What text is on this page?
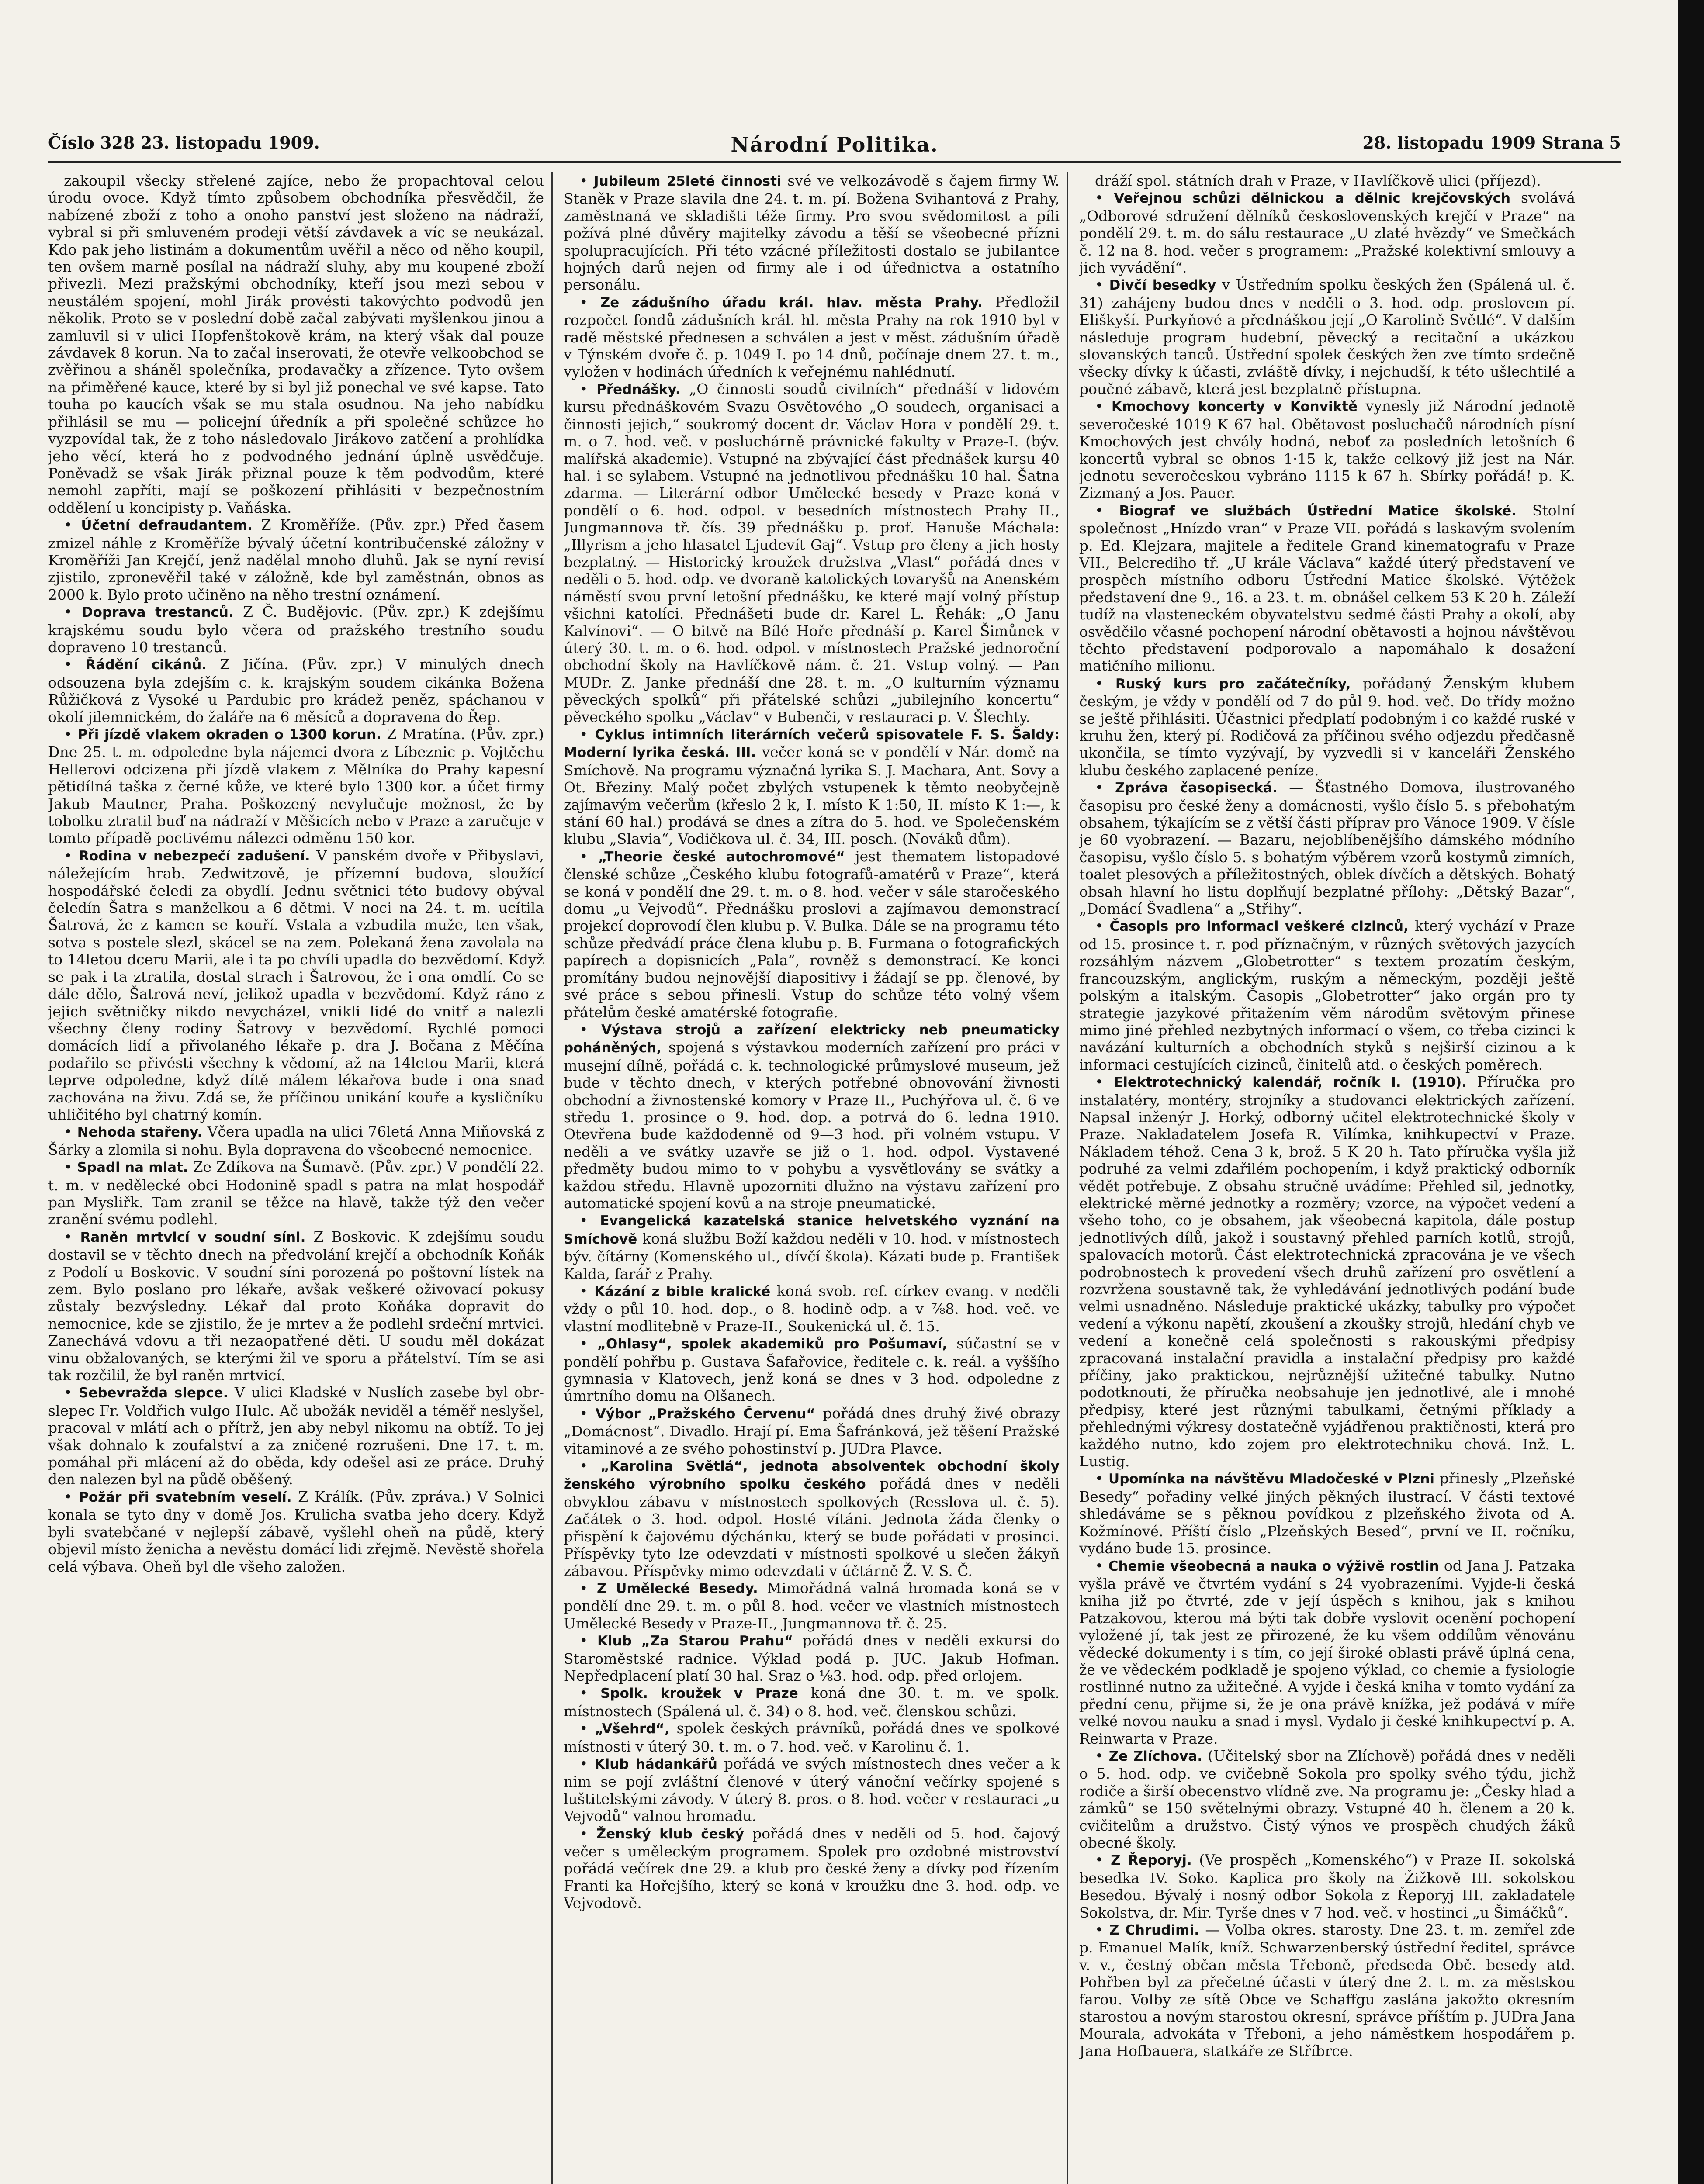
Číslo 328 23. listopadu 1909.	Národní Politika.	28. listopadu 1909 Strana 5

zakoupil všecky střelené zajíce, nebo že propachtoval celou úrodu ovoce. Když tímto způsobem obchodníka přesvědčil, že nabízené zboží z toho a onoho panství jest složeno na nádraží, vybral si při smluveném prodeji větší závdavek a víc se neukázal. Kdo pak jeho listinám a dokumentům uvěřil a něco od něho koupil, ten ovšem marně posílal na nádraží sluhy, aby mu koupené zboží přivezli. Mezi pražskými obchodníky, kteří jsou mezi sebou v neustálém spojení, mohl Jirák provésti takovýchto podvodů jen několik. Proto se v poslední době začal zabývati myšlenkou jinou a zamluvil si v ulici Hopfenštokově krám, na který však dal pouze závdavek 8 korun. Na to začal inserovati, že otevře velkoobchod se zvěřinou a sháněl společníka, prodavačky a zřízence. Tyto ovšem na přiměřené kauce, které by si byl již ponechal ve své kapse. Tato touha po kaucích však se mu stala osudnou. Na jeho nabídku přihlásil se mu — policejní úředník a při společné schůzce ho vyzpovídal tak, že z toho následovalo Jirákovo zatčení a prohlídka jeho věcí, která ho z podvodného jednání úplně usvědčuje. Poněvadž se však Jirák přiznal pouze k těm podvodům, které nemohl zapříti, mají se poškození přihlásiti v bezpečnostním oddělení u koncipisty p. Vaňáska.

• Účetní defraudantem. Z Kroměříže. (Pův. zpr.) Před časem zmizel náhle z Kroměříže bývalý účetní kontribučenské záložny v Kroměříži Jan Krejčí, jenž nadělal mnoho dluhů. Jak se nyní revisí zjistilo, zpronevěřil také v záložně, kde byl zaměstnán, obnos as 2000 k. Bylo proto učiněno na něho trestní oznámení.

• Doprava trestanců. Z Č. Budějovic. (Pův. zpr.) K zdejšímu krajskému soudu bylo včera od pražského trestního soudu dopraveno 10 trestanců.

• Řádění cikánů. Z Jičína. (Pův. zpr.) V minulých dnech odsouzena byla zdejším c. k. krajským soudem cikánka Božena Růžičková z Vysoké u Pardubic pro krádež peněz, spáchanou v okolí jilemnickém, do žaláře na 6 měsíců a dopravena do Řep.

• Při jízdě vlakem okraden o 1300 korun. Z Mratína. (Pův. zpr.) Dne 25. t. m. odpoledne byla nájemci dvora z Líbeznic p. Vojtěchu Hellerovi odcizena při jízdě vlakem z Mělníka do Prahy kapesní pětidílná taška z černé kůže, ve které bylo 1300 kor. a účet firmy Jakub Mautner, Praha. Poškozený nevylučuje možnost, že by tobolku ztratil buď na nádraží v Měšicích nebo v Praze a zaručuje v tomto případě poctivému nálezci odměnu 150 kor.

• Rodina v nebezpečí zadušení. V panském dvoře v Přibyslavi, náležejícím hrab. Zedwitzově, je přízemní budova, sloužící hospodářské čeledi za obydlí. Jednu světnici této budovy obýval čeledín Šatra s manželkou a 6 dětmi. V noci na 24. t. m. ucítila Šatrová, že z kamen se kouří. Vstala a vzbudila muže, ten však, sotva s postele slezl, skácel se na zem. Polekaná žena zavolala na to 14letou dceru Marii, ale i ta po chvíli upadla do bezvědomí. Když se pak i ta ztratila, dostal strach i Šatrovou, že i ona omdlí. Co se dále dělo, Šatrová neví, jelikož upadla v bezvědomí. Když ráno z jejich světničky nikdo nevycházel, vnikli lidé do vnitř a nalezli všechny členy rodiny Šatrovy v bezvědomí. Rychlé pomoci domácích lidí a přivolaného lékaře p. dra J. Bočana z Měčína podařilo se přivésti všechny k vědomí, až na 14letou Marii, která teprve odpoledne, když dítě málem lékařova bude i ona snad zachována na živu. Zdá se, že příčinou unikání kouře a kysličníku uhličitého byl chatrný komín.

• Nehoda stařeny. Včera upadla na ulici 76letá Anna Miňovská z Šárky a zlomila si nohu. Byla dopravena do všeobecné nemocnice.

• Spadl na mlat. Ze Zdíkova na Šumavě. (Pův. zpr.) V pondělí 22. t. m. v nedělecké obci Hodonině spadl s patra na mlat hospodář pan Mysliřk. Tam zranil se těžce na hlavě, takže týž den večer zranění svému podlehl.

• Raněn mrtvicí v soudní síni. Z Boskovic. K zdejšímu soudu dostavil se v těchto dnech na předvolání krejčí a obchodník Koňák z Podolí u Boskovic. V soudní síni porozená po poštovní lístek na zem. Bylo poslano pro lékaře, avšak veškeré oživovací pokusy zůstaly bezvýsledny. Lékař dal proto Koňáka dopravit do nemocnice, kde se zjistilo, že je mrtev a že podlehl srdeční mrtvici. Zanechává vdovu a tři nezaopatřené děti. U soudu měl dokázat vinu obžalovaných, se kterými žil ve sporu a přátelství. Tím se asi tak rozčilil, že byl raněn mrtvicí.

• Sebevražda slepce. V ulici Kladské v Nuslích zasebe byl obr-slepec Fr. Voldřich vulgo Hulc. Ač ubožák neviděl a téměř neslyšel, pracoval v mlátí ach o přítrž, jen aby nebyl nikomu na obtíž. To jej však dohnalo k zoufalství a za zničené rozrušeni. Dne 17. t. m. pomáhal při mlácení až do oběda, kdy odešel asi ze práce. Druhý den nalezen byl na půdě oběšený.

• Požár při svatebním veselí. Z Králík. (Pův. zpráva.) V Solnici konala se tyto dny v domě Jos. Krulicha svatba jeho dcery. Když byli svatebčané v nejlepší zábavě, vyšlehl oheň na půdě, který objevil místo ženicha a nevěstu domácí lidi zřejmě. Nevěstě shořela celá výbava. Oheň byl dle všeho založen.

• Jubileum 25leté činnosti své ve velkozávodě s čajem firmy W. Staněk v Praze slavila dne 24. t. m. pí. Božena Svihantová z Prahy, zaměstnaná ve skladišti téže firmy. Pro svou svědomitost a píli požívá plné důvěry majitelky závodu a těší se všeobecné přízni spolupracujících. Při této vzácné příležitosti dostalo se jubilantce hojných darů nejen od firmy ale i od úřednictva a ostatního personálu.

• Ze zádušního úřadu král. hlav. města Prahy. Předložil rozpočet fondů zádušních král. hl. města Prahy na rok 1910 byl v radě městské přednesen a schválen a jest v měst. zádušním úřadě v Týnském dvoře č. p. 1049 I. po 14 dnů, počínaje dnem 27. t. m., vyložen v hodinách úředních k veřejnému nahlédnutí.

• Přednášky. „O činnosti soudů civilních“ přednáší v lidovém kursu přednáškovém Svazu Osvětového „O soudech, organisaci a činnosti jejich,“ soukromý docent dr. Václav Hora v pondělí 29. t. m. o 7. hod. več. v posluchárně právnické fakulty v Praze-I. (býv. malířská akademie). Vstupné na zbývající část přednášek kursu 40 hal. i se sylabem. Vstupné na jednotlivou přednášku 10 hal. Šatna zdarma. — Literární odbor Umělecké besedy v Praze koná v pondělí o 6. hod. odpol. v besedních místnostech Prahy II., Jungmannova tř. čís. 39 přednášku p. prof. Hanuše Máchala: „Illyrism a jeho hlasatel Ljudevít Gaj“. Vstup pro členy a jich hosty bezplatný. — Historický kroužek družstva „Vlast“ pořádá dnes v neděli o 5. hod. odp. ve dvoraně katolických tovaryšů na Anenském náměstí svou první letošní přednášku, ke které mají volný přístup všichni katolíci. Přednášeti bude dr. Karel L. Řehák: „O Janu Kalvínovi“. — O bitvě na Bílé Hoře přednáší p. Karel Šimůnek v úterý 30. t. m. o 6. hod. odpol. v místnostech Pražské jednoroční obchodní školy na Havlíčkově nám. č. 21. Vstup volný. — Pan MUDr. Z. Janke přednáší dne 28. t. m. „O kulturním významu pěveckých spolků“ při přátelské schůzi „jubilejního koncertu“ pěveckého spolku „Václav“ v Bubenči, v restauraci p. V. Šlechty.

• Cyklus intimních literárních večerů spisovatele F. S. Šaldy: Moderní lyrika česká. III. večer koná se v pondělí v Nár. domě na Smíchově. Na programu význačná lyrika S. J. Machara, Ant. Sovy a Ot. Březiny. Malý počet zbylých vstupenek k těmto neobyčejně zajímavým večerům (křeslo 2 k, I. místo K 1:50, II. místo K 1:—, k stání 60 hal.) prodává se dnes a zítra do 5. hod. ve Společenském klubu „Slavia“, Vodičkova ul. č. 34, III. posch. (Nováků dům).

• „Theorie české autochromové“ jest thematem listopadové členské schůze „Českého klubu fotografů-amatérů v Praze“, která se koná v pondělí dne 29. t. m. o 8. hod. večer v sále staročeského domu „u Vejvodů“. Přednášku proslovi a zajímavou demonstrací projekcí doprovodí člen klubu p. V. Bulka. Dále se na programu této schůze předvádí práce člena klubu p. B. Furmana o fotografických papírech a dopisnicích „Pala“, rovněž s demonstrací. Ke konci promítány budou nejnovější diapositivy i žádají se pp. členové, by své práce s sebou přinesli. Vstup do schůze této volný všem přátelům české amatérské fotografie.

• Výstava strojů a zařízení elektricky neb pneumaticky poháněných, spojená s výstavkou moderních zařízení pro práci v musejní dílně, pořádá c. k. technologické průmyslové museum, jež bude v těchto dnech, v kterých potřebné obnovování živnosti obchodní a živnostenské komory v Praze II., Puchýřova ul. č. 6 ve středu 1. prosince o 9. hod. dop. a potrvá do 6. ledna 1910. Otevřena bude každodenně od 9—3 hod. při volném vstupu. V neděli a ve svátky uzavře se již o 1. hod. odpol. Vystavené předměty budou mimo to v pohybu a vysvětlovány se svátky a každou středu. Hlavně upozorniti dlužno na výstavu zařízení pro automatické spojení kovů a na stroje pneumatické.

• Evangelická kazatelská stanice helvetského vyznání na Smíchově koná službu Boží každou neděli v 10. hod. v místnostech býv. čítárny (Komenského ul., dívčí škola). Kázati bude p. František Kalda, farář z Prahy.

• Kázání z bible kralické koná svob. ref. církev evang. v neděli vždy o půl 10. hod. dop., o 8. hodině odp. a v ⅞8. hod. več. ve vlastní modlitebně v Praze-II., Soukenická ul. č. 15.

• „Ohlasy“, spolek akademiků pro Pošumaví, súčastní se v pondělí pohřbu p. Gustava Šafařovice, ředitele c. k. reál. a vyššího gymnasia v Klatovech, jenž koná se dnes v 3 hod. odpoledne z úmrtního domu na Olšanech.

• Výbor „Pražského Červenu“ pořádá dnes druhý živé obrazy „Domácnost“. Divadlo. Hrají pí. Ema Šafránková, jež těšení Pražské vitaminové a ze svého pohostinství p. JUDra Plavce.

• „Karolina Světlá“, jednota absolventek obchodní školy ženského výrobního spolku českého pořádá dnes v neděli obvyklou zábavu v místnostech spolkových (Resslova ul. č. 5). Začátek o 3. hod. odpol. Hosté vítáni. Jednota žáda členky o přispění k čajovému dýchánku, který se bude pořádati v prosinci. Příspěvky tyto lze odevzdati v místnosti spolkové u slečen žákyň zábavou. Příspěvky mimo odevzdati v účtárně Ž. V. S. Č.

• Z Umělecké Besedy. Mimořádná valná hromada koná se v pondělí dne 29. t. m. o půl 8. hod. večer ve vlastních místnostech Umělecké Besedy v Praze-II., Jungmannova tř. č. 25.

• Klub „Za Starou Prahu“ pořádá dnes v neděli exkursi do Staroměstské radnice. Výklad podá p. JUC. Jakub Hofman. Nepředplacení platí 30 hal. Sraz o ⅛3. hod. odp. před orlojem.

• Spolk. kroužek v Praze koná dne 30. t. m. ve spolk. místnostech (Spálená ul. č. 34) o 8. hod. več. členskou schůzi.

• „Všehrd“, spolek českých právníků, pořádá dnes ve spolkové místnosti v úterý 30. t. m. o 7. hod. več. v Karolinu č. 1.

• Klub hádankářů pořádá ve svých místnostech dnes večer a k nim se pojí zvláštní členové v úterý vánoční večírky spojené s luštitelskými závody. V úterý 8. pros. o 8. hod. večer v restauraci „u Vejvodů“ valnou hromadu.

• Ženský klub český pořádá dnes v neděli od 5. hod. čajový večer s uměleckým programem. Spolek pro ozdobné mistrovství pořádá večírek dne 29. a klub pro české ženy a dívky pod řízením Franti ka Hořejšího, který se koná v kroužku dne 3. hod. odp. ve Vejvodově.

dráží spol. státních drah v Praze, v Havlíčkově ulici (příjezd).

• Veřejnou schůzi dělnickou a dělnic krejčovských svolává „Odborové sdružení dělníků československých krejčí v Praze“ na pondělí 29. t. m. do sálu restaurace „U zlaté hvězdy“ ve Smečkách č. 12 na 8. hod. večer s programem: „Pražské kolektivní smlouvy a jich vyvádění“.

• Divčí besedky v Ústředním spolku českých žen (Spálená ul. č. 31) zahájeny budou dnes v neděli o 3. hod. odp. proslovem pí. Eliškyší. Purkyňové a přednáškou její „O Karolině Světlé“. V dalším následuje program hudební, pěvecký a recitační a ukázkou slovanských tanců. Ústřední spolek českých žen zve tímto srdečně všecky dívky k účasti, zvláště dívky, i nejchudší, k této ušlechtilé a poučné zábavě, která jest bezplatně přístupna.

• Kmochovy koncerty v Konviktě vynesly již Národní jednotě severočeské 1019 K 67 hal. Obětavost posluchačů národních písní Kmochových jest chvály hodná, neboť za posledních letošních 6 koncertů vybral se obnos 1·15 k, takže celkový již jest na Nár. jednotu severočeskou vybráno 1115 k 67 h. Sbírky pořádá! p. K. Zizmaný a Jos. Pauer.

• Biograf ve službách Ústřední Matice školské. Stolní společnost „Hnízdo vran“ v Praze VII. pořádá s laskavým svolením p. Ed. Klejzara, majitele a ředitele Grand kinematografu v Praze VII., Belcrediho tř. „U krále Václava“ každé úterý představení ve prospěch místního odboru Ústřední Matice školské. Výtěžek představení dne 9., 16. a 23. t. m. obnášel celkem 53 K 20 h. Záleží tudíž na vlasteneckém obyvatelstvu sedmé části Prahy a okolí, aby osvědčilo včasné pochopení národní obětavosti a hojnou návštěvou těchto představení podporovalo a napomáhalo k dosažení matičního milionu.

• Ruský kurs pro začátečníky, pořádaný Ženským klubem českým, je vždy v pondělí od 7 do půl 9. hod. več. Do třídy možno se ještě přihlásiti. Účastnici předplatí podobným i co každé ruské v kruhu žen, který pí. Rodičová za příčinou svého odjezdu předčasně ukončila, se tímto vyzývají, by vyzvedli si v kanceláři Ženského klubu českého zaplacené peníze.

• Zpráva časopisecká. — Šťastného Domova, ilustrovaného časopisu pro české ženy a domácnosti, vyšlo číslo 5. s přebohatým obsahem, týkajícím se z větší části příprav pro Vánoce 1909. V čísle je 60 vyobrazení. — Bazaru, nejoblíbenějšího dámského módního časopisu, vyšlo číslo 5. s bohatým výběrem vzorů kostymů zimních, toalet plesových a příležitostných, oblek dívčích a dětských. Bohatý obsah hlavní ho listu doplňují bezplatné přílohy: „Dětský Bazar“, „Domácí Švadlena“ a „Střihy“.

• Časopis pro informaci veškeré cizinců, který vychází v Praze od 15. prosince t. r. pod příznačným, v různých světových jazycích rozsáhlým názvem „Globetrotter“ s textem prozatím českým, francouzským, anglickým, ruským a německým, později ještě polským a italským. Časopis „Globetrotter“ jako orgán pro ty strategie jazykové přitažením věm národům světovým přinese mimo jiné přehled nezbytných informací o všem, co třeba cizinci k navázání kulturních a obchodních styků s nejširší cizinou a k informaci cestujících cizinců, činitelů atd. o českých poměrech.

• Elektrotechnický kalendář, ročník I. (1910). Příručka pro instalatéry, montéry, strojníky a studovanci elektrických zařízení. Napsal inženýr J. Horký, odborný učitel elektrotechnické školy v Praze. Nakladatelem Josefa R. Vilímka, knihkupectví v Praze. Nákladem téhož. Cena 3 k, brož. 5 K 20 h. Tato příručka vyšla již podruhé za velmi zdařilém pochopením, i když praktický odborník vědět potřebuje. Z obsahu stručně uvádíme: Přehled sil, jednotky, elektrické měrné jednotky a rozměry; vzorce, na výpočet vedení a všeho toho, co je obsahem, jak všeobecná kapitola, dále postup jednotlivých dílů, jakož i soustavný přehled parních kotlů, strojů, spalovacích motorů. Část elektrotechnická zpracována je ve všech podrobnostech k provedení všech druhů zařízení pro osvětlení a rozvržena soustavně tak, že vyhledávání jednotlivých podání bude velmi usnadněno. Následuje praktické ukázky, tabulky pro výpočet vedení a výkonu napětí, zkoušení a zkoušky strojů, hledání chyb ve vedení a konečně celá společnosti s rakouskými předpisy zpracovaná instalační pravidla a instalační předpisy pro každé příčiny, jako praktickou, nejrůznější užitečné tabulky. Nutno podotknouti, že příručka neobsahuje jen jednotlivé, ale i mnohé předpisy, které jest různými tabulkami, četnými příklady a přehlednými výkresy dostatečně vyjádřenou praktičnosti, která pro každého nutno, kdo zojem pro elektrotechniku chová. Inž. L. Lustig.

• Upomínka na návštěvu Mladočeské v Plzni přinesly „Plzeňské Besedy“ pořadiny velké jiných pěkných ilustrací. V části textové shledáváme se s pěknou povídkou z plzeňského života od A. Kožmínové. Příští číslo „Plzeňských Besed“, první ve II. ročníku, vydáno bude 15. prosince.

• Chemie všeobecná a nauka o výživě rostlin od Jana J. Patzaka vyšla právě ve čtvrtém vydání s 24 vyobrazeními. Vyjde-li česká kniha již po čtvrté, zde v její úspěch s knihou, jak s knihou Patzakovou, kterou má býti tak dobře vyslovit ocenění pochopení vyložené jí, tak jest ze přirozené, že ku všem oddílům věnovánu vědecké dokumenty i s tím, co její široké oblasti právě úplná cena, že ve vědeckém podkladě je spojeno výklad, co chemie a fysiologie rostlinné nutno za užitečné. A vyjde i česká kniha v tomto vydání za přední cenu, přijme si, že je ona právě knížka, jež podává v míře velké novou nauku a snad i mysl. Vydalo ji české knihkupectví p. A. Reinwarta v Praze.

• Ze Zlíchova. (Učitelský sbor na Zlíchově) pořádá dnes v neděli o 5. hod. odp. ve cvičebně Sokola pro spolky svého týdu, jichž rodiče a širší obecenstvo vlídně zve. Na programu je: „Česky hlad a zámků“ se 150 světelnými obrazy. Vstupné 40 h. členem a 20 k. cvičitelům a družstvo. Čistý výnos ve prospěch chudých žáků obecné školy.

• Z Řeporyj. (Ve prospěch „Komenského“) v Praze II. sokolská besedka IV. Soko. Kaplica pro školy na Žižkově III. sokolskou Besedou. Bývalý i nosný odbor Sokola z Řeporyj III. zakladatele Sokolstva, dr. Mir. Tyrše dnes v 7 hod. več. v hostinci „u Šimáčků“.

• Z Chrudimi. — Volba okres. starosty. Dne 23. t. m. zemřel zde p. Emanuel Malík, kníž. Schwarzenberský ústřední ředitel, správce v. v., čestný občan města Třeboně, předseda Obč. besedy atd. Pohřben byl za přečetné účasti v úterý dne 2. t. m. za městskou farou. Volby ze sítě Obce ve Schaffgu zaslána jakožto okresním starostou a novým starostou okresní, správce příštím p. JUDra Jana Mourala, advokáta v Třeboni, a jeho náměstkem hospodářem p. Jana Hofbauera, statkáře ze Stříbrce.
